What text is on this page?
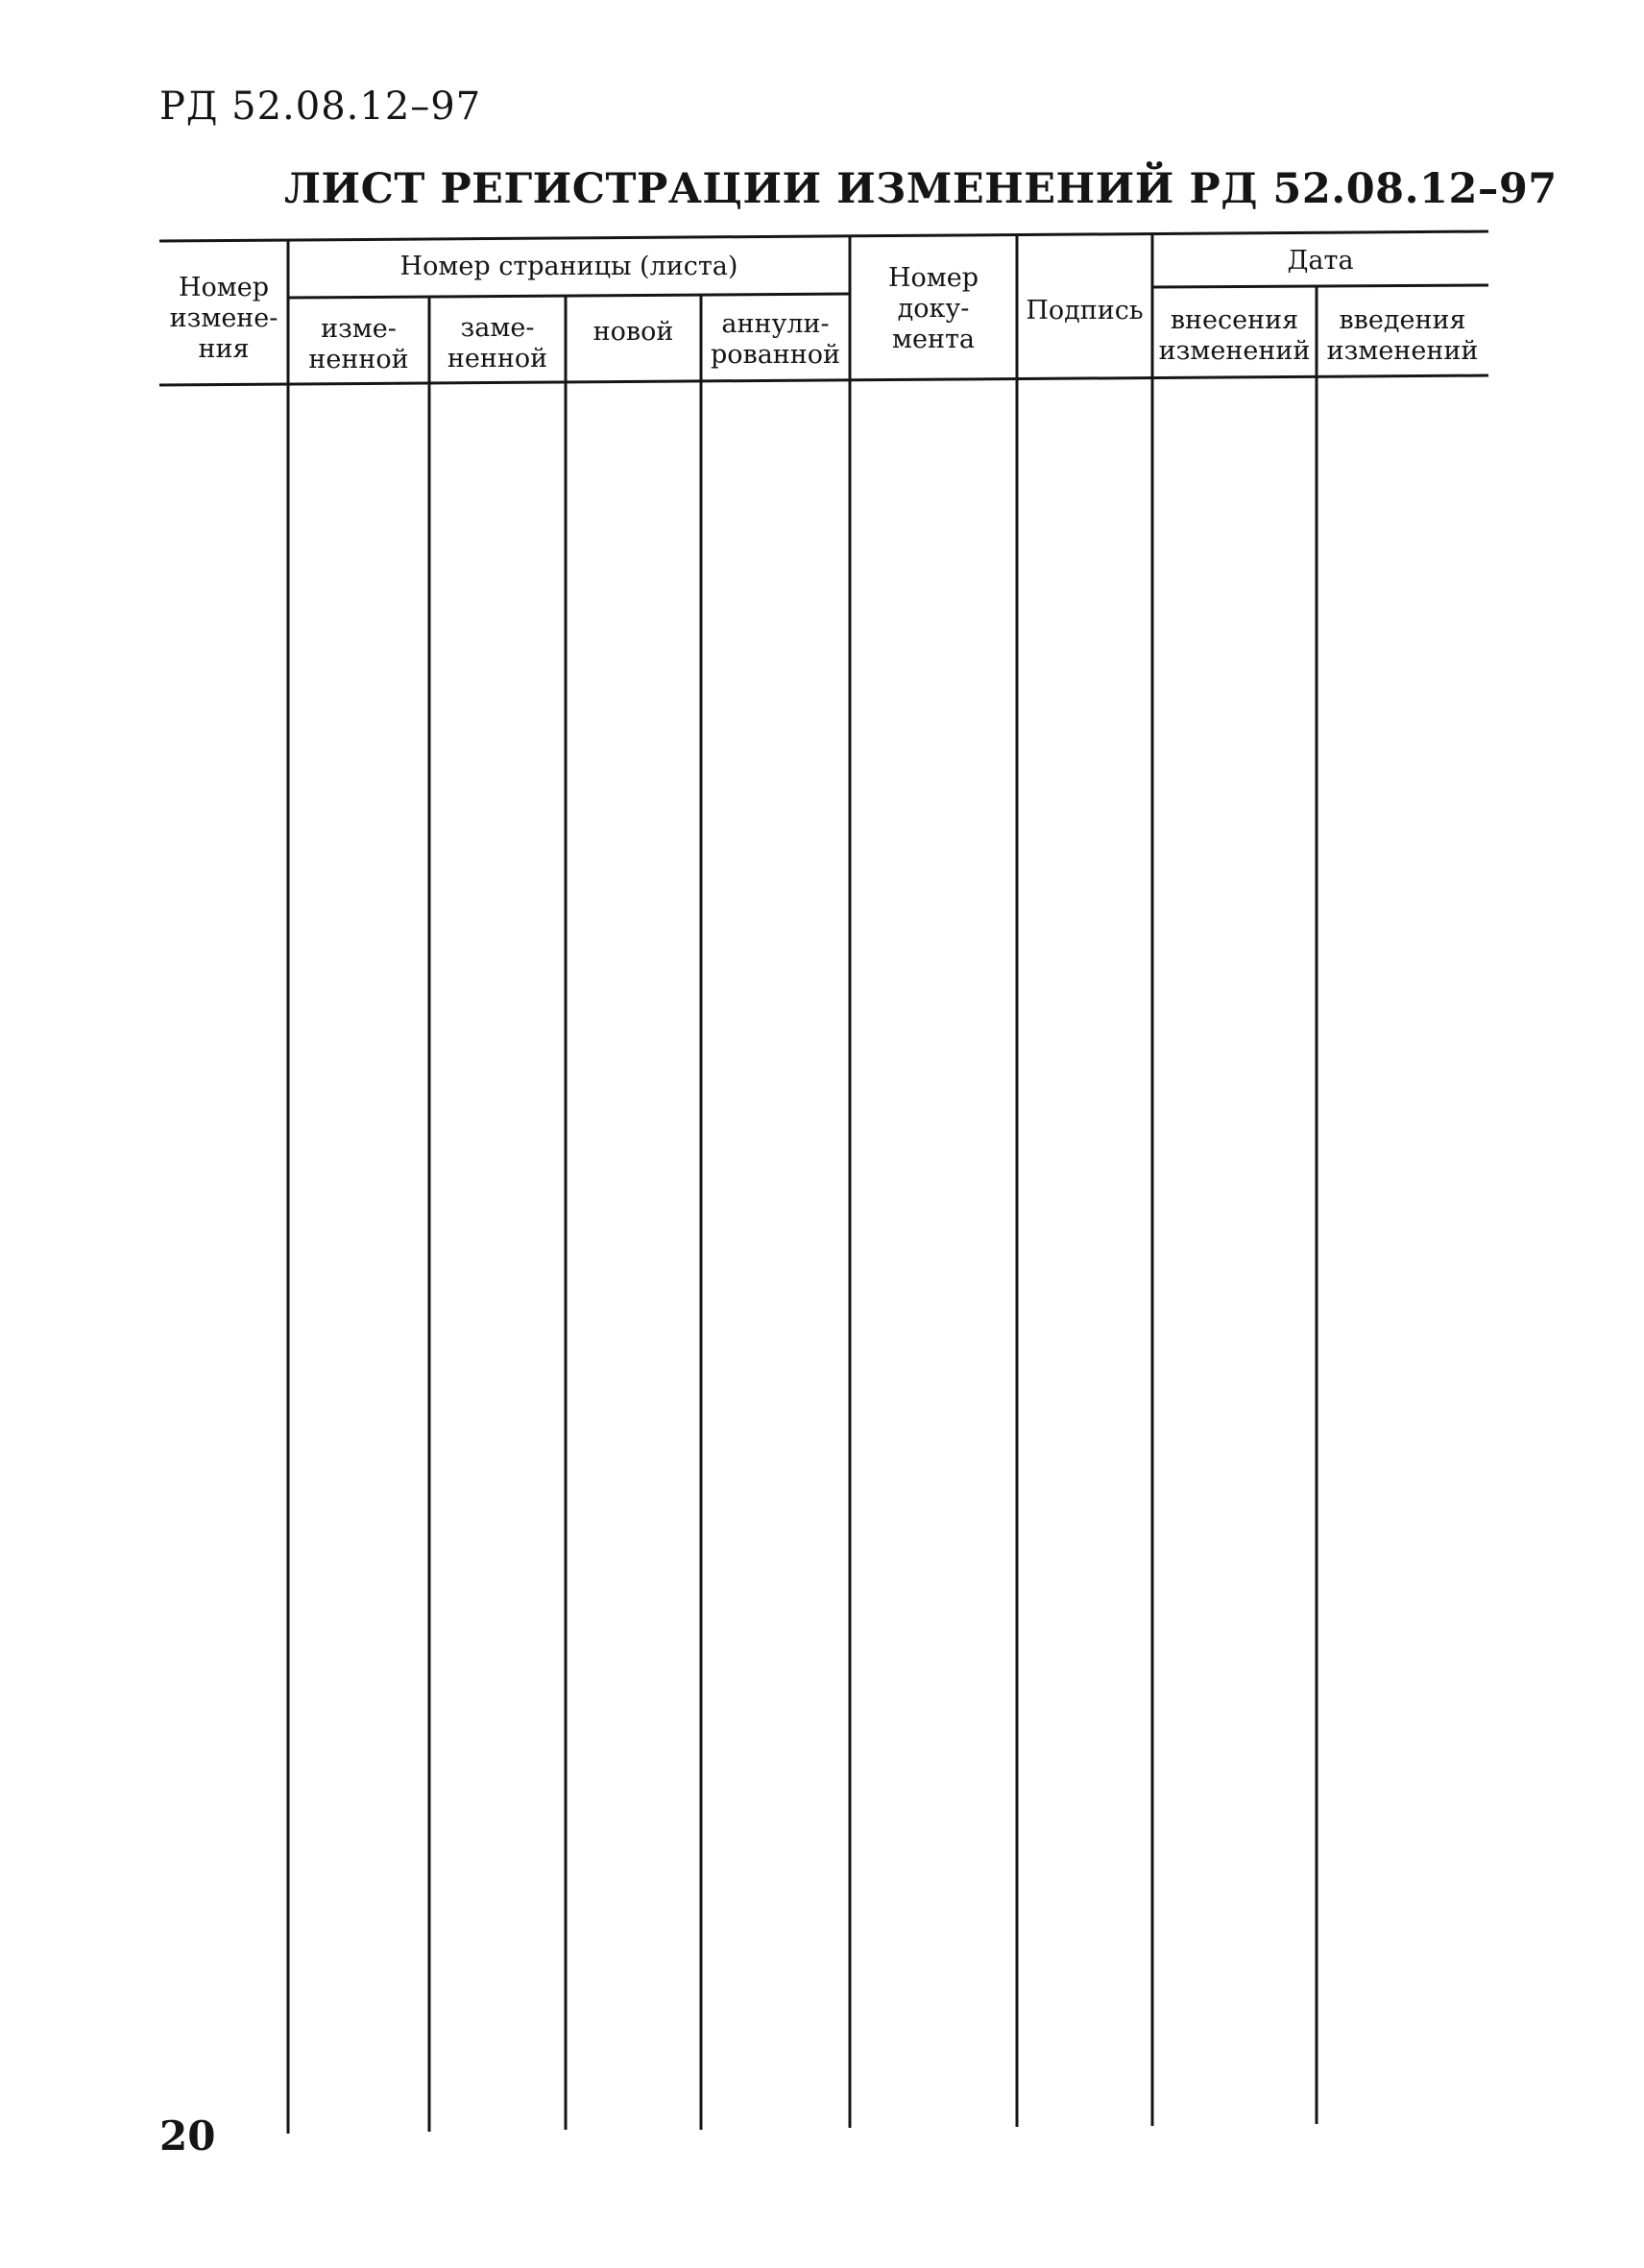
РД 52.08.12–97
ЛИСТ РЕГИСТРАЦИИ ИЗМЕНЕНИЙ РД 52.08.12–97
Номер
измене-
ния
Номер страницы (листа)
изме-
ненной
заме-
ненной
новой	аннули-
рованной
Номер
доку-
мента
Подпись
Дата
внесения
изменений
введения
изменений
20
